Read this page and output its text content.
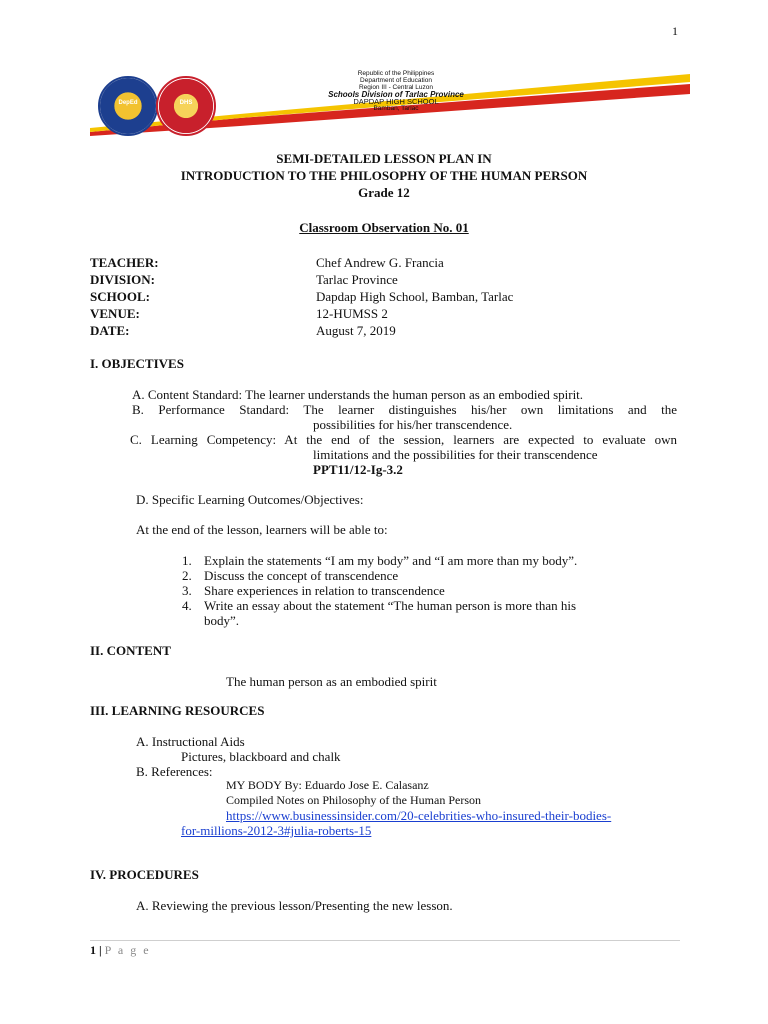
1
DepEd	DHS
Republic of the Philippines
Department of Education
Region III - Central Luzon
Schools Division of Tarlac Province
DAPDAP HIGH SCHOOL
Bamban, Tarlac
SEMI-DETAILED LESSON PLAN IN
INTRODUCTION TO THE PHILOSOPHY OF THE HUMAN PERSON
Grade 12
Classroom Observation No. 01
TEACHER:	Chef Andrew G. Francia
DIVISION:	Tarlac Province
SCHOOL:	Dapdap High School, Bamban, Tarlac
VENUE:	12-HUMSS 2
DATE:	August 7, 2019
I. OBJECTIVES
A. Content Standard: The learner understands the human person as an embodied spirit.
B. Performance Standard: The learner distinguishes his/her own limitations and the
possibilities for his/her transcendence.
C. Learning Competency: At the end of the session, learners are expected to evaluate own
limitations and the possibilities for their transcendence
PPT11/12-Ig-3.2
D. Specific Learning Outcomes/Objectives:
At the end of the lesson, learners will be able to:
1. Explain the statements “I am my body” and “I am more than my body”.
2. Discuss the concept of transcendence
3. Share experiences in relation to transcendence
4. Write an essay about the statement “The human person is more than his
body”.
II. CONTENT
The human person as an embodied spirit
III. LEARNING RESOURCES
A. Instructional Aids
Pictures, blackboard and chalk
B. References:
MY BODY By: Eduardo Jose E. Calasanz
Compiled Notes on Philosophy of the Human Person
https://www.businessinsider.com/20-celebrities-who-insured-their-bodies-
for-millions-2012-3#julia-roberts-15
IV. PROCEDURES
A. Reviewing the previous lesson/Presenting the new lesson.
1 | P a g e
